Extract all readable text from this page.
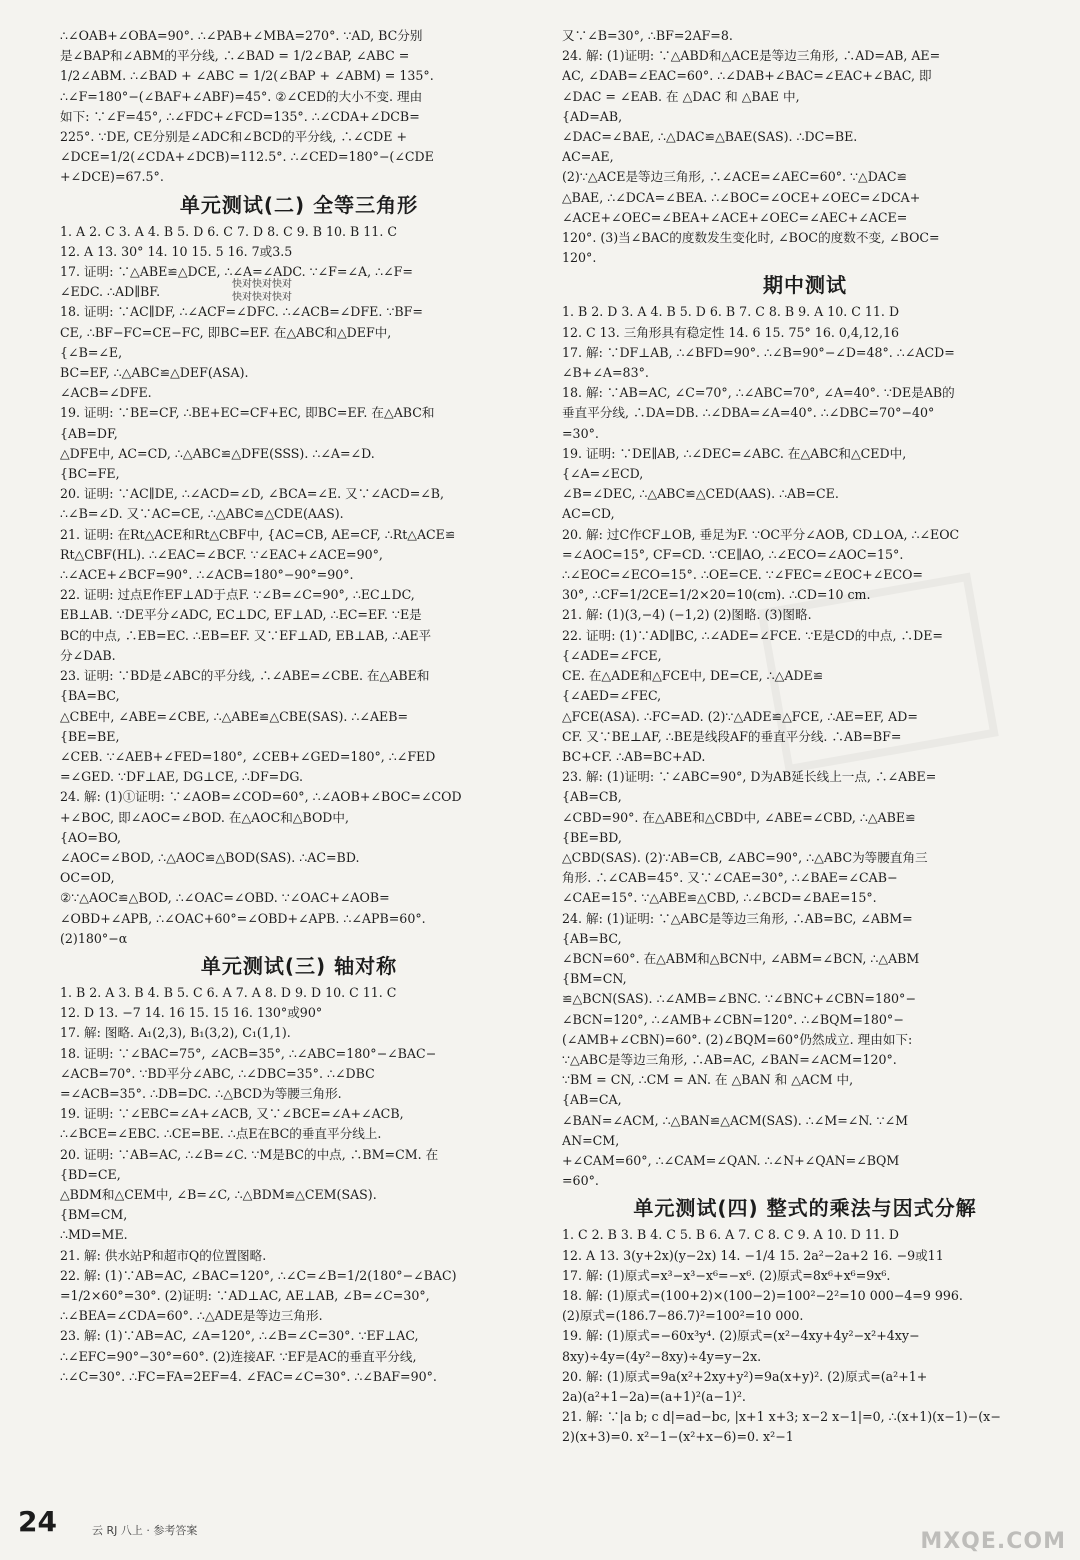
∴∠OAB+∠OBA=90°. ∴∠PAB+∠MBA=270°. ∵AD, BC分别
是∠BAP和∠ABM的平分线, ∴∠BAD = 1/2∠BAP, ∠ABC =
1/2∠ABM. ∴∠BAD + ∠ABC = 1/2(∠BAP + ∠ABM) = 135°.
∴∠F=180°−(∠BAF+∠ABF)=45°. ②∠CED的大小不变. 理由
如下: ∵∠F=45°, ∴∠FDC+∠FCD=135°. ∴∠CDA+∠DCB=
225°. ∵DE, CE分别是∠ADC和∠BCD的平分线, ∴∠CDE +
∠DCE=1/2(∠CDA+∠DCB)=112.5°. ∴∠CED=180°−(∠CDE
+∠DCE)=67.5°.
单元测试(二) 全等三角形
1. A 2. C 3. A 4. B 5. D 6. C 7. D 8. C 9. B 10. B 11. C
12. A 13. 30° 14. 10 15. 5 16. 7或3.5
17. 证明: ∵△ABE≌△DCE, ∴∠A=∠ADC. ∵∠F=∠A, ∴∠F=
∠EDC. ∴AD∥BF.
18. 证明: ∵AC∥DF, ∴∠ACF=∠DFC. ∴∠ACB=∠DFE. ∵BF=
CE, ∴BF−FC=CE−FC, 即BC=EF. 在△ABC和△DEF中,
{∠B=∠E,
BC=EF, ∴△ABC≌△DEF(ASA).
∠ACB=∠DFE.
19. 证明: ∵BE=CF, ∴BE+EC=CF+EC, 即BC=EF. 在△ABC和
{AB=DF,
△DFE中, AC=CD, ∴△ABC≌△DFE(SSS). ∴∠A=∠D.
{BC=FE,
20. 证明: ∵AC∥DE, ∴∠ACD=∠D, ∠BCA=∠E. 又∵∠ACD=∠B,
∴∠B=∠D. 又∵AC=CE, ∴△ABC≌△CDE(AAS).
21. 证明: 在Rt△ACE和Rt△CBF中, {AC=CB, AE=CF, ∴Rt△ACE≌
Rt△CBF(HL). ∴∠EAC=∠BCF. ∵∠EAC+∠ACE=90°,
∴∠ACE+∠BCF=90°. ∴∠ACB=180°−90°=90°.
22. 证明: 过点E作EF⊥AD于点F. ∵∠B=∠C=90°, ∴EC⊥DC,
EB⊥AB. ∵DE平分∠ADC, EC⊥DC, EF⊥AD, ∴EC=EF. ∵E是
BC的中点, ∴EB=EC. ∴EB=EF. 又∵EF⊥AD, EB⊥AB, ∴AE平
分∠DAB.
23. 证明: ∵BD是∠ABC的平分线, ∴∠ABE=∠CBE. 在△ABE和
{BA=BC,
△CBE中, ∠ABE=∠CBE, ∴△ABE≌△CBE(SAS). ∴∠AEB=
{BE=BE,
∠CEB. ∵∠AEB+∠FED=180°, ∠CEB+∠GED=180°, ∴∠FED
=∠GED. ∵DF⊥AE, DG⊥CE, ∴DF=DG.
24. 解: (1)①证明: ∵∠AOB=∠COD=60°, ∴∠AOB+∠BOC=∠COD
+∠BOC, 即∠AOC=∠BOD. 在△AOC和△BOD中,
{AO=BO,
∠AOC=∠BOD, ∴△AOC≌△BOD(SAS). ∴AC=BD.
OC=OD,
②∵△AOC≌△BOD, ∴∠OAC=∠OBD. ∵∠OAC+∠AOB=
∠OBD+∠APB, ∴∠OAC+60°=∠OBD+∠APB. ∴∠APB=60°.
(2)180°−α
单元测试(三) 轴对称
1. B 2. A 3. B 4. B 5. C 6. A 7. A 8. D 9. D 10. C 11. C
12. D 13. −7 14. 16 15. 15 16. 130°或90°
17. 解: 图略. A₁(2,3), B₁(3,2), C₁(1,1).
18. 证明: ∵∠BAC=75°, ∠ACB=35°, ∴∠ABC=180°−∠BAC−
∠ACB=70°. ∵BD平分∠ABC, ∴∠DBC=35°. ∴∠DBC
=∠ACB=35°. ∴DB=DC. ∴△BCD为等腰三角形.
19. 证明: ∵∠EBC=∠A+∠ACB, 又∵∠BCE=∠A+∠ACB,
∴∠BCE=∠EBC. ∴CE=BE. ∴点E在BC的垂直平分线上.
20. 证明: ∵AB=AC, ∴∠B=∠C. ∵M是BC的中点, ∴BM=CM. 在
{BD=CE,
△BDM和△CEM中, ∠B=∠C, ∴△BDM≌△CEM(SAS).
{BM=CM,
∴MD=ME.
21. 解: 供水站P和超市Q的位置图略.
22. 解: (1)∵AB=AC, ∠BAC=120°, ∴∠C=∠B=1/2(180°−∠BAC)
=1/2×60°=30°. (2)证明: ∵AD⊥AC, AE⊥AB, ∠B=∠C=30°,
∴∠BEA=∠CDA=60°. ∴△ADE是等边三角形.
23. 解: (1)∵AB=AC, ∠A=120°, ∴∠B=∠C=30°. ∵EF⊥AC,
∴∠EFC=90°−30°=60°. (2)连接AF. ∵EF是AC的垂直平分线,
∴∠C=30°. ∴FC=FA=2EF=4. ∠FAC=∠C=30°. ∴∠BAF=90°.
又∵∠B=30°, ∴BF=2AF=8.
24. 解: (1)证明: ∵△ABD和△ACE是等边三角形, ∴AD=AB, AE=
AC, ∠DAB=∠EAC=60°. ∴∠DAB+∠BAC=∠EAC+∠BAC, 即
∠DAC = ∠EAB. 在 △DAC 和 △BAE 中,
{AD=AB,
∠DAC=∠BAE, ∴△DAC≌△BAE(SAS). ∴DC=BE.
AC=AE,
(2)∵△ACE是等边三角形, ∴∠ACE=∠AEC=60°. ∵△DAC≌
△BAE, ∴∠DCA=∠BEA. ∴∠BOC=∠OCE+∠OEC=∠DCA+
∠ACE+∠OEC=∠BEA+∠ACE+∠OEC=∠AEC+∠ACE=
120°. (3)当∠BAC的度数发生变化时, ∠BOC的度数不变, ∠BOC=
120°.
期中测试
1. B 2. D 3. A 4. B 5. D 6. B 7. C 8. B 9. A 10. C 11. D
12. C 13. 三角形具有稳定性 14. 6 15. 75° 16. 0,4,12,16
17. 解: ∵DF⊥AB, ∴∠BFD=90°. ∴∠B=90°−∠D=48°. ∴∠ACD=
∠B+∠A=83°.
18. 解: ∵AB=AC, ∠C=70°, ∴∠ABC=70°, ∠A=40°. ∵DE是AB的
垂直平分线, ∴DA=DB. ∴∠DBA=∠A=40°. ∴∠DBC=70°−40°
=30°.
19. 证明: ∵DE∥AB, ∴∠DEC=∠ABC. 在△ABC和△CED中,
{∠A=∠ECD,
∠B=∠DEC, ∴△ABC≌△CED(AAS). ∴AB=CE.
AC=CD,
20. 解: 过C作CF⊥OB, 垂足为F. ∵OC平分∠AOB, CD⊥OA, ∴∠EOC
=∠AOC=15°, CF=CD. ∵CE∥AO, ∴∠ECO=∠AOC=15°.
∴∠EOC=∠ECO=15°. ∴OE=CE. ∵∠FEC=∠EOC+∠ECO=
30°, ∴CF=1/2CE=1/2×20=10(cm). ∴CD=10 cm.
21. 解: (1)(3,−4) (−1,2) (2)图略. (3)图略.
22. 证明: (1)∵AD∥BC, ∴∠ADE=∠FCE. ∵E是CD的中点, ∴DE=
{∠ADE=∠FCE,
CE. 在△ADE和△FCE中, DE=CE, ∴△ADE≌
{∠AED=∠FEC,
△FCE(ASA). ∴FC=AD. (2)∵△ADE≌△FCE, ∴AE=EF, AD=
CF. 又∵BE⊥AF, ∴BE是线段AF的垂直平分线. ∴AB=BF=
BC+CF. ∴AB=BC+AD.
23. 解: (1)证明: ∵∠ABC=90°, D为AB延长线上一点, ∴∠ABE=
{AB=CB,
∠CBD=90°. 在△ABE和△CBD中, ∠ABE=∠CBD, ∴△ABE≌
{BE=BD,
△CBD(SAS). (2)∵AB=CB, ∠ABC=90°, ∴△ABC为等腰直角三
角形. ∴∠CAB=45°. 又∵∠CAE=30°, ∴∠BAE=∠CAB−
∠CAE=15°. ∵△ABE≌△CBD, ∴∠BCD=∠BAE=15°.
24. 解: (1)证明: ∵△ABC是等边三角形, ∴AB=BC, ∠ABM=
{AB=BC,
∠BCN=60°. 在△ABM和△BCN中, ∠ABM=∠BCN, ∴△ABM
{BM=CN,
≌△BCN(SAS). ∴∠AMB=∠BNC. ∵∠BNC+∠CBN=180°−
∠BCN=120°, ∴∠AMB+∠CBN=120°. ∴∠BQM=180°−
(∠AMB+∠CBN)=60°. (2)∠BQM=60°仍然成立. 理由如下:
∵△ABC是等边三角形, ∴AB=AC, ∠BAN=∠ACM=120°.
∵BM = CN, ∴CM = AN. 在 △BAN 和 △ACM 中,
{AB=CA,
∠BAN=∠ACM, ∴△BAN≌△ACM(SAS). ∴∠M=∠N. ∵∠M
AN=CM,
+∠CAM=60°, ∴∠CAM=∠QAN. ∴∠N+∠QAN=∠BQM
=60°.
单元测试(四) 整式的乘法与因式分解
1. C 2. B 3. B 4. C 5. B 6. A 7. C 8. C 9. A 10. D 11. D
12. A 13. 3(y+2x)(y−2x) 14. −1/4 15. 2a²−2a+2 16. −9或11
17. 解: (1)原式=x³−x³−x⁶=−x⁶. (2)原式=8x⁶+x⁶=9x⁶.
18. 解: (1)原式=(100+2)×(100−2)=100²−2²=10 000−4=9 996.
(2)原式=(186.7−86.7)²=100²=10 000.
19. 解: (1)原式=−60x³y⁴. (2)原式=(x²−4xy+4y²−x²+4xy−
8xy)÷4y=(4y²−8xy)÷4y=y−2x.
20. 解: (1)原式=9a(x²+2xy+y²)=9a(x+y)². (2)原式=(a²+1+
2a)(a²+1−2a)=(a+1)²(a−1)².
21. 解: ∵|a b; c d|=ad−bc, |x+1 x+3; x−2 x−1|=0, ∴(x+1)(x−1)−(x−
2)(x+3)=0. x²−1−(x²+x−6)=0. x²−1
快对快对快对
快对快对快对
24	云 RJ 八上 · 参考答案	MXQE.COM
